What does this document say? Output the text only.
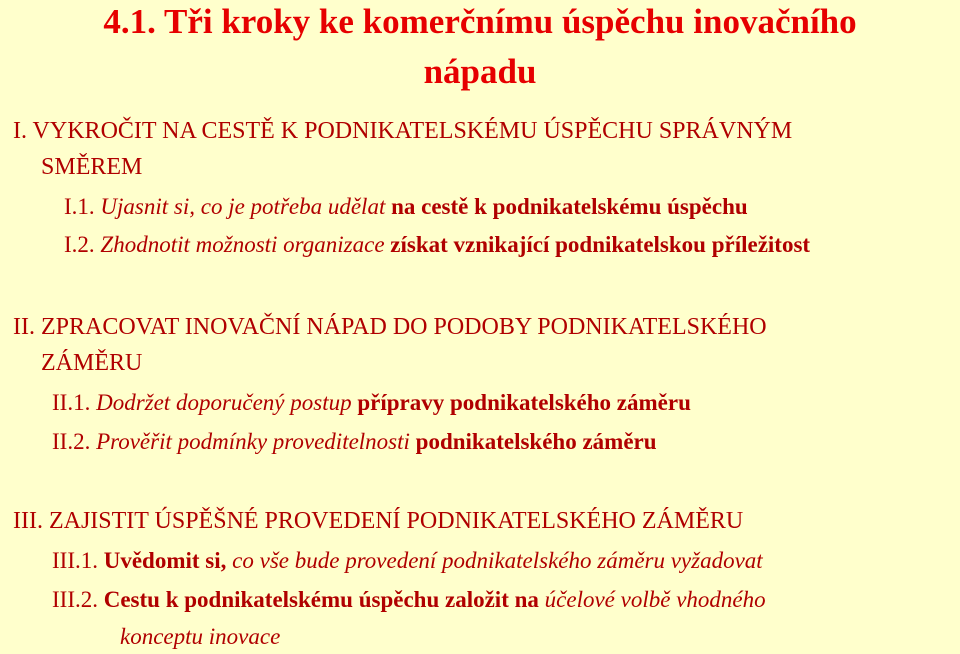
4.1. Tři kroky ke komerčnímu úspěchu inovačního
nápadu
I. VYKROČIT NA CESTĚ K PODNIKATELSKÉMU ÚSPĚCHU SPRÁVNÝM
SMĚREM
I.1. Ujasnit si, co je potřeba udělat na cestě k podnikatelskému úspěchu
I.2. Zhodnotit možnosti organizace získat vznikající podnikatelskou příležitost
II. ZPRACOVAT INOVAČNÍ NÁPAD DO PODOBY PODNIKATELSKÉHO
ZÁMĚRU
II.1. Dodržet doporučený postup přípravy podnikatelského záměru
II.2. Prověřit podmínky proveditelnosti podnikatelského záměru
III. ZAJISTIT ÚSPĚŠNÉ PROVEDENÍ PODNIKATELSKÉHO ZÁMĚRU
III.1. Uvědomit si, co vše bude provedení podnikatelského záměru vyžadovat
III.2. Cestu k podnikatelskému úspěchu založit na účelové volbě vhodného
konceptu inovace
